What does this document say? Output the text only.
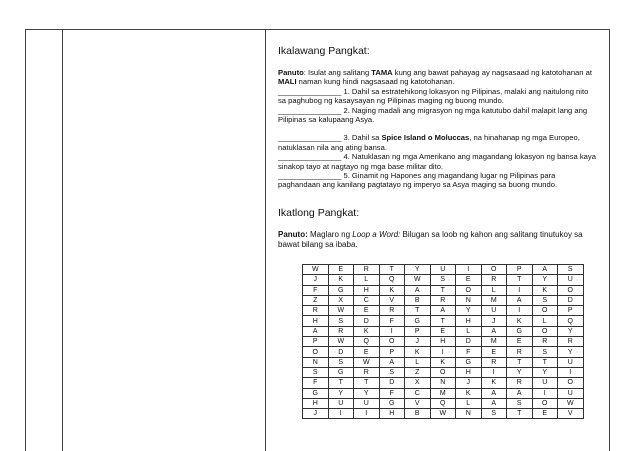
Ikalawang Pangkat:

Panuto: Isulat ang salitang TAMA kung ang bawat pahayag ay nagsasaad ng katotohanan at MALI naman kung hindi nagsasaad ng katotohanan.

_______________ 1. Dahil sa estratehikong lokasyon ng Pilipinas, malaki ang naitulong nito sa paghubog ng kasaysayan ng Pilipinas maging ng buong mundo.

_______________ 2. Naging madali ang migrasyon ng mga katutubo dahil malapit lang ang Pilipinas sa kalupaang Asya.

_______________ 3. Dahil sa Spice Island o Moluccas, na hinahanap ng mga Europeo, natuklasan nila ang ating bansa.

_______________ 4. Natuklasan ng mga Amerikano ang magandang lokasyon ng bansa kaya sinakop tayo at nagtayo ng mga base militar dito.

_______________ 5. Ginamit ng Hapones ang magandang lugar ng Pilipinas para paghandaan ang kanilang pagtatayo ng imperyo sa Asya maging sa buong mundo.

Ikatlong Pangkat:

Panuto: Maglaro ng Loop a Word: Bilugan sa loob ng kahon ang salitang tinutukoy sa bawat bilang sa ibaba.

W	E	R	T	Y	U	I	O	P	A	S
J	K	L	Q	W	S	E	R	T	Y	U
F	G	H	K	A	T	O	L	I	K	O
Z	X	C	V	B	R	N	M	A	S	D
R	W	E	R	T	A	Y	U	I	O	P
H	S	D	F	G	T	H	J	K	L	Q
A	R	K	I	P	E	L	A	G	O	Y
P	W	Q	O	J	H	D	M	E	R	R
O	D	E	P	K	I	F	E	R	S	Y
N	S	W	A	L	K	G	R	T	T	U
S	G	R	S	Z	O	H	I	Y	Y	I
F	T	T	D	X	N	J	K	R	U	O
G	Y	Y	F	C	M	K	A	A	I	U
H	U	U	G	V	Q	L	A	S	O	W
J	I	I	H	B	W	N	S	T	E	V
